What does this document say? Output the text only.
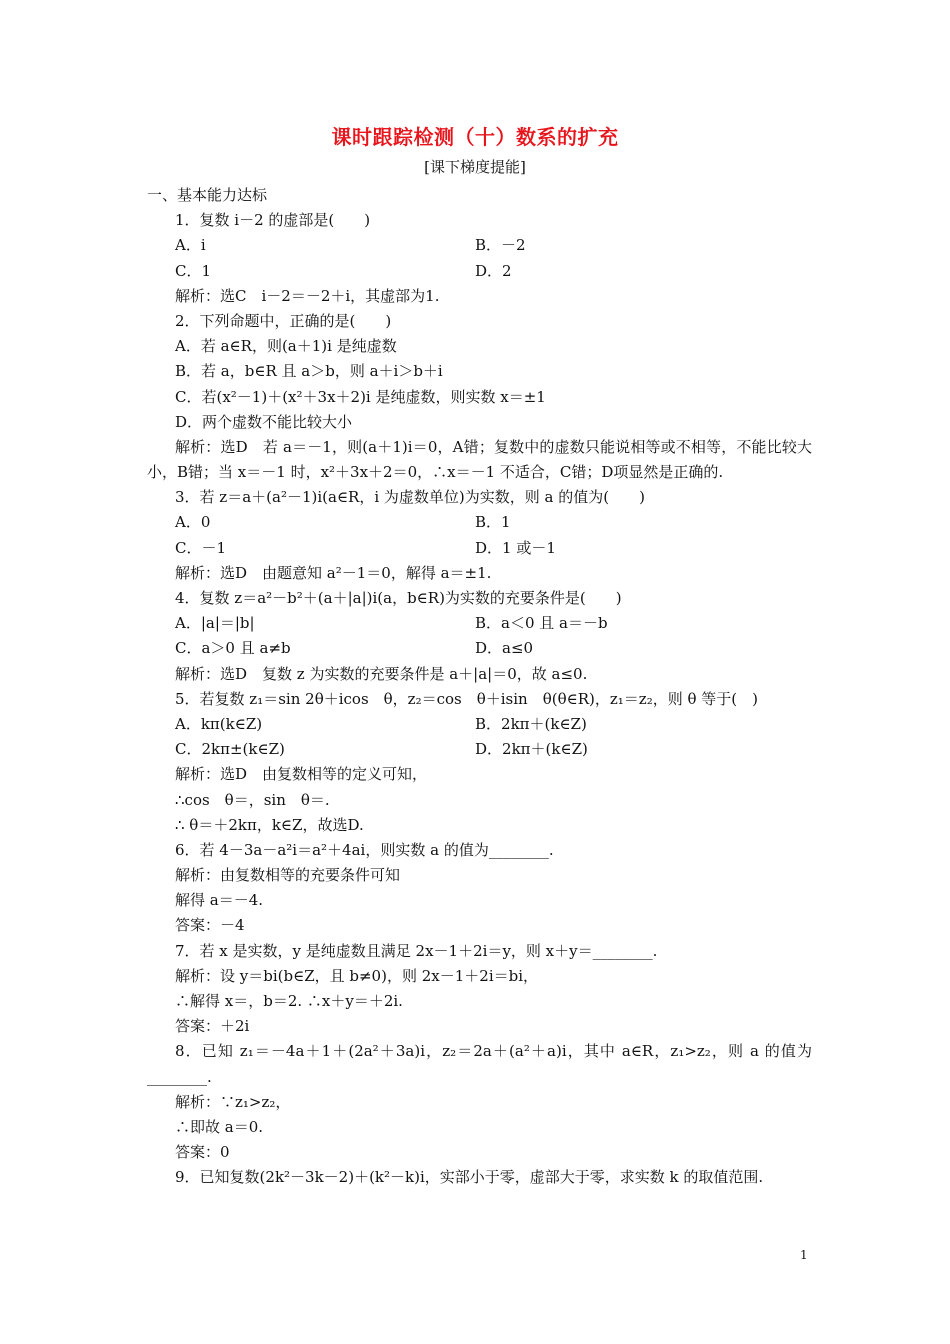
课时跟踪检测（十）数系的扩充
[课下梯度提能]
一、基本能力达标
1．复数 i－2 的虚部是(　　)
A．i	B．－2
C．1	D．2
解析：选C　i－2＝－2＋i，其虚部为1.
2．下列命题中，正确的是(　　)
A．若 a∈R，则(a＋1)i 是纯虚数
B．若 a，b∈R 且 a＞b，则 a＋i＞b＋i
C．若(x²－1)＋(x²＋3x＋2)i 是纯虚数，则实数 x＝±1
D．两个虚数不能比较大小
解析：选D　若 a＝－1，则(a＋1)i＝0，A错；复数中的虚数只能说相等或不相等，不能比较大小，B错；当 x＝－1 时，x²＋3x＋2＝0，∴x＝－1 不适合，C错；D项显然是正确的.
3．若 z＝a＋(a²－1)i(a∈R，i 为虚数单位)为实数，则 a 的值为(　　)
A．0	B．1
C．－1	D．1 或－1
解析：选D　由题意知 a²－1＝0，解得 a＝±1.
4．复数 z＝a²－b²＋(a＋|a|)i(a，b∈R)为实数的充要条件是(　　)
A．|a|＝|b|	B．a＜0 且 a＝－b
C．a＞0 且 a≠b	D．a≤0
解析：选D　复数 z 为实数的充要条件是 a＋|a|＝0，故 a≤0.
5．若复数 z₁＝sin 2θ＋icos　θ，z₂＝cos　θ＋isin　θ(θ∈R)，z₁＝z₂，则 θ 等于(　)
A．kπ(k∈Z)	B．2kπ＋(k∈Z)
C．2kπ±(k∈Z)	D．2kπ＋(k∈Z)
解析：选D　由复数相等的定义可知，
∴cos　θ＝，sin　θ＝.
∴ θ＝＋2kπ，k∈Z，故选D.
6．若 4－3a－a²i＝a²＋4ai，则实数 a 的值为________.
解析：由复数相等的充要条件可知
解得 a＝－4.
答案：－4
7．若 x 是实数，y 是纯虚数且满足 2x－1＋2i＝y，则 x＋y＝________.
解析：设 y＝bi(b∈Z，且 b≠0)，则 2x－1＋2i＝bi，
∴解得 x＝，b＝2. ∴x＋y＝＋2i.
答案：＋2i
8．已知 z₁＝－4a＋1＋(2a²＋3a)i，z₂＝2a＋(a²＋a)i，其中 a∈R，z₁>z₂，则 a 的值为________.
解析：∵z₁>z₂，
∴即故 a＝0.
答案：0
9．已知复数(2k²－3k－2)＋(k²－k)i，实部小于零，虚部大于零，求实数 k 的取值范围.
1
